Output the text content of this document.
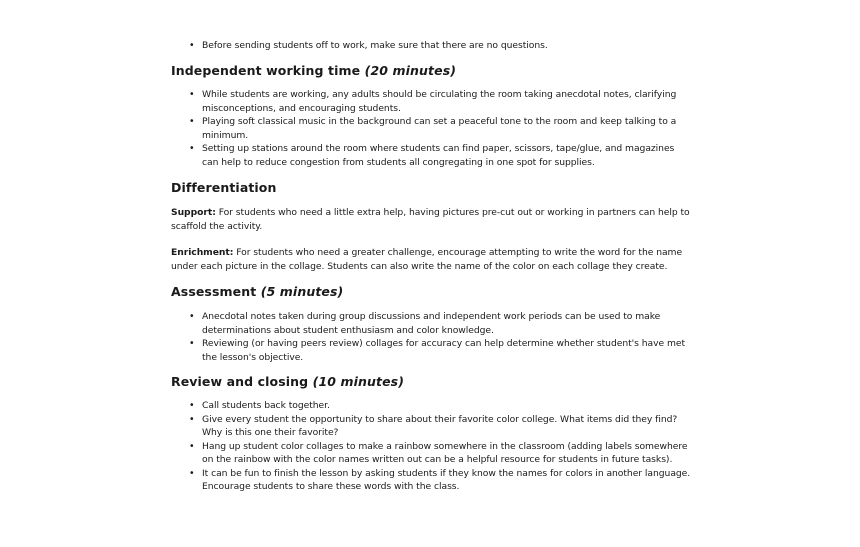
• Before sending students off to work, make sure that there are no questions.
Independent working time (20 minutes)
• While students are working, any adults should be circulating the room taking anecdotal notes, clarifying misconceptions, and encouraging students.
• Playing soft classical music in the background can set a peaceful tone to the room and keep talking to a minimum.
• Setting up stations around the room where students can find paper, scissors, tape/glue, and magazines can help to reduce congestion from students all congregating in one spot for supplies.
Differentiation

Support: For students who need a little extra help, having pictures pre-cut out or working in partners can help to scaffold the activity.

Enrichment: For students who need a greater challenge, encourage attempting to write the word for the name under each picture in the collage. Students can also write the name of the color on each collage they create.

Assessment (5 minutes)
• Anecdotal notes taken during group discussions and independent work periods can be used to make determinations about student enthusiasm and color knowledge.
• Reviewing (or having peers review) collages for accuracy can help determine whether student's have met the lesson's objective.
Review and closing (10 minutes)
• Call students back together.
• Give every student the opportunity to share about their favorite color college. What items did they find? Why is this one their favorite?
• Hang up student color collages to make a rainbow somewhere in the classroom (adding labels somewhere on the rainbow with the color names written out can be a helpful resource for students in future tasks).
• It can be fun to finish the lesson by asking students if they know the names for colors in another language. Encourage students to share these words with the class.
